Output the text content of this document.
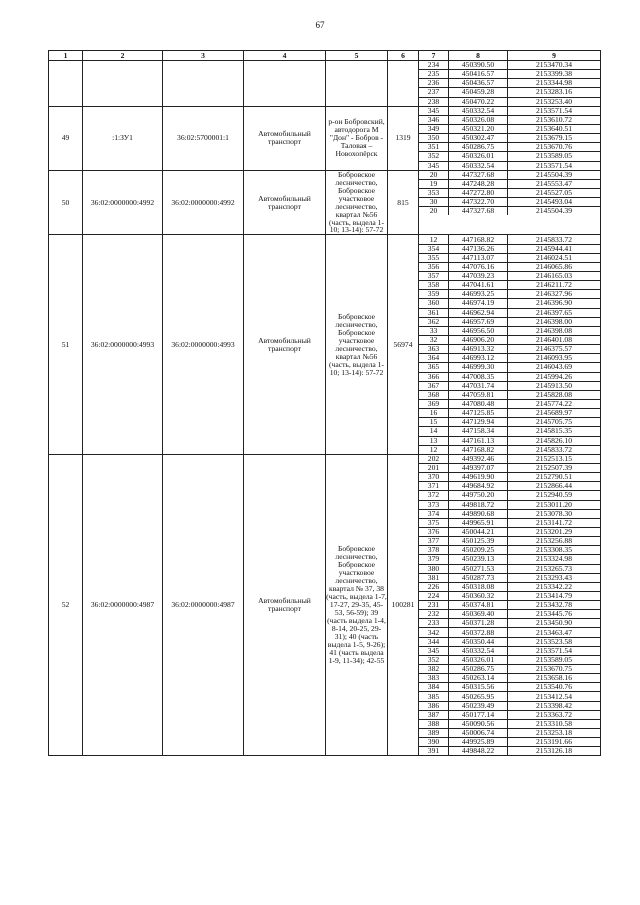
67
1	2	3	4	5	6		7	8	9

234	450390.50	2153470.34
235	450416.57	2153399.38
236	450436.57	2153344.98
237	450459.28	2153283.16
238	450470.22	2153253.40

49	:1:ЗУ1	36:02:5700001:1	Автомобильный транспорт	р-он Бобровский, автодорога М "Дон" - Бобров - Таловая – Новохопёрск	1319	
345	450332.54	2153571.54
346	450326.08	2153610.72
349	450321.20	2153640.51
350	450302.47	2153679.15
351	450286.75	2153670.76
352	450326.01	2153589.05
345	450332.54	2153571.54

50	36:02:0000000:4992	36:02:0000000:4992	Автомобильный транспорт	Бобровское лесничество, Бобровское участковое лесничество, квартал №56 (часть, выдела 1-10; 13-14): 57-72	815	
20	447327.68	2145504.39
19	447248.28	2145553.47
353	447272.80	2145527.05
30	447322.70	2145493.04
20	447327.68	2145504.39

51	36:02:0000000:4993	36:02:0000000:4993	Автомобильный транспорт	Бобровское лесничество, Бобровское участковое лесничество, квартал №56 (часть, выдела 1-10; 13-14): 57-72	56974	
12	447168.82	2145833.72
354	447136.26	2145944.41
355	447113.07	2146024.51
356	447076.16	2146065.86
357	447039.23	2146165.03
358	447041.61	2146211.72
359	446993.25	2146327.96
360	446974.19	2146396.90
361	446962.94	2146397.65
362	446957.69	2146398.00
33	446956.50	2146398.08
32	446906.20	2146401.08
363	446913.32	2146375.57
364	446993.12	2146093.95
365	446999.30	2146043.69
366	447008.35	2145994.26
367	447031.74	2145913.50
368	447059.81	2145828.08
369	447080.48	2145774.22
16	447125.85	2145689.97
15	447129.94	2145705.75
14	447158.34	2145815.35
13	447161.13	2145826.10
12	447168.82	2145833.72

52	36:02:0000000:4987	36:02:0000000:4987	Автомобильный транспорт	Бобровское лесничество, Бобровское участковое лесничество, квартал № 37, 38 (часть, выдела 1-7, 17-27, 29-35, 45-53, 56-59); 39 (часть выдела 1-4, 8-14, 20-25, 29-31); 40 (часть выдела 1-5, 9-26); 41 (часть выдела 1-9, 11-34); 42-55	100281	
202	449392.46	2152513.15
201	449397.07	2152507.39
370	449619.90	2152790.51
371	449684.92	2152866.44
372	449750.20	2152940.59
373	449818.72	2153011.20
374	449890.68	2153078.30
375	449965.91	2153141.72
376	450044.21	2153201.29
377	450125.39	2153256.88
378	450209.25	2153308.35
379	450239.13	2153324.98
380	450271.53	2153265.73
381	450287.73	2153293.43
226	450318.08	2153342.22
224	450360.32	2153414.79
231	450374.81	2153432.78
232	450369.40	2153445.76
233	450371.28	2153450.90
342	450372.88	2153463.47
344	450350.44	2153523.58
345	450332.54	2153571.54
352	450326.01	2153589.05
382	450286.75	2153670.75
383	450263.14	2153658.16
384	450315.56	2153540.76
385	450265.95	2153412.54
386	450239.49	2153398.42
387	450177.14	2153363.72
388	450090.56	2153310.58
389	450006.74	2153253.18
390	449925.89	2153191.66
391	449848.22	2153126.18
